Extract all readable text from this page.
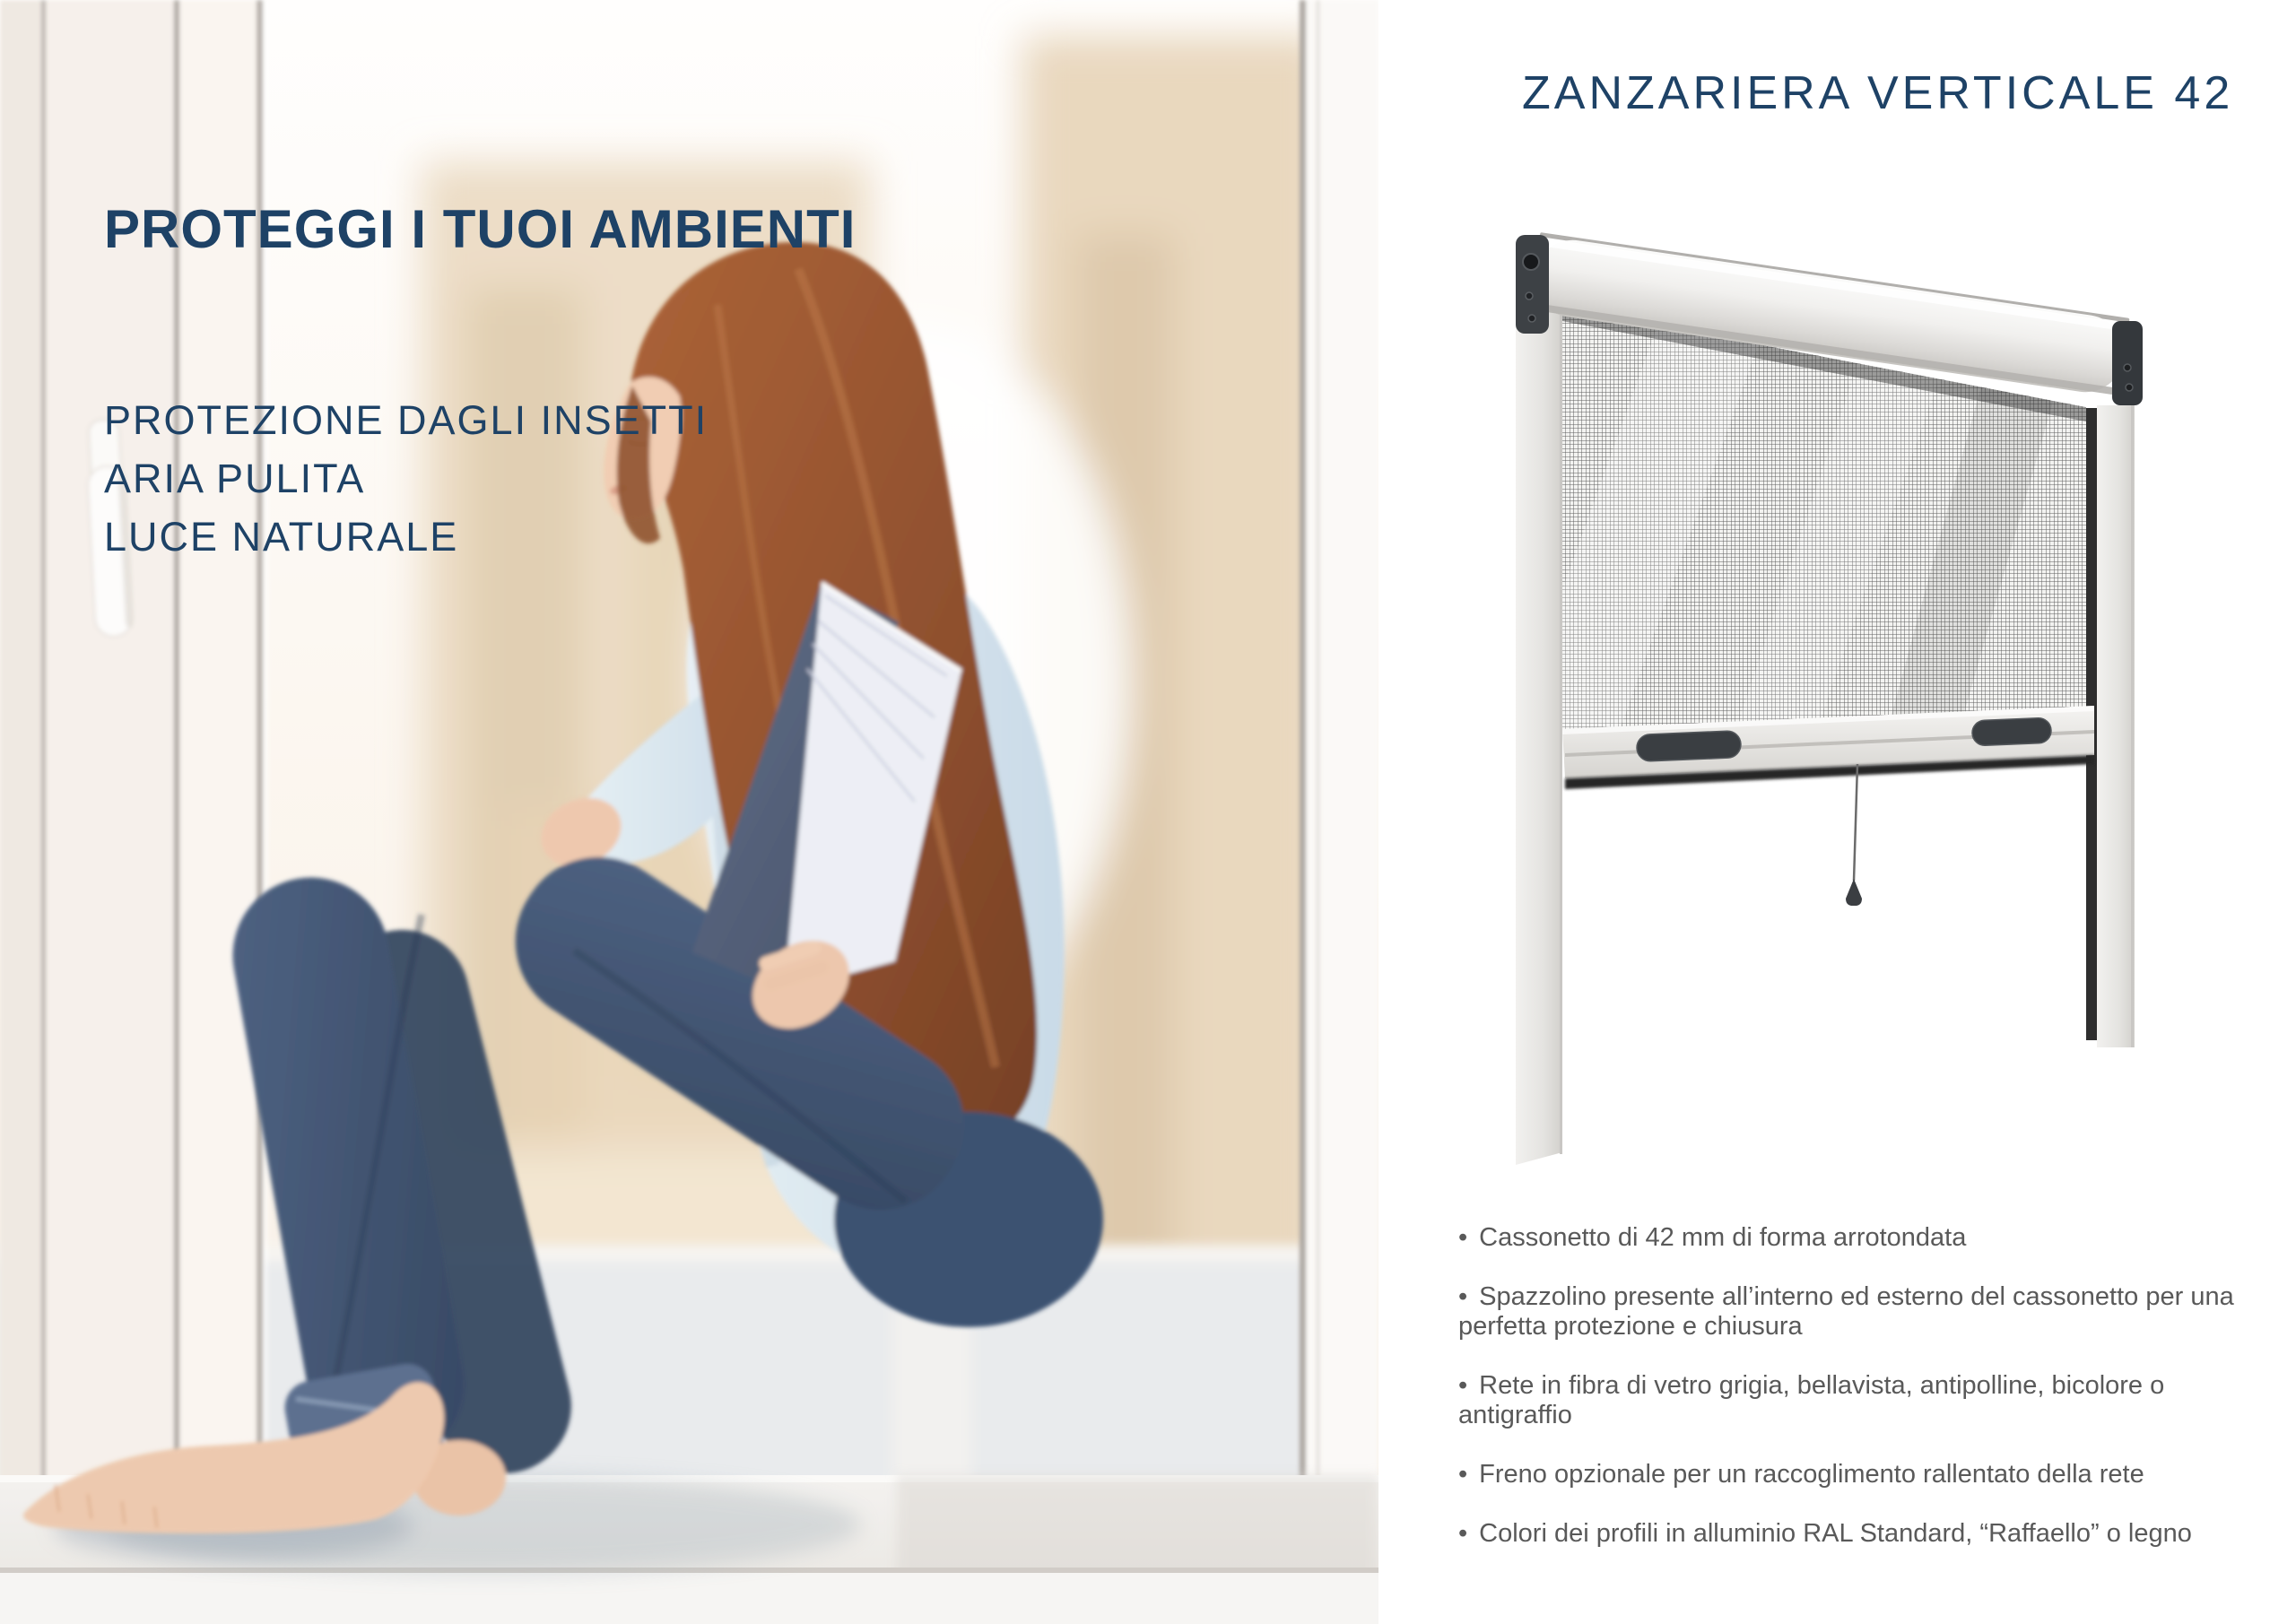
PROTEGGI I TUOI AMBIENTI
PROTEZIONE DAGLI INSETTI
ARIA PULITA
LUCE NATURALE
ZANZARIERA VERTICALE 42
• Cassonetto di 42 mm di forma arrotondata
• Spazzolino presente all’interno ed esterno del cassonetto per una
perfetta protezione e chiusura
• Rete in fibra di vetro grigia, bellavista, antipolline, bicolore o
antigraffio
• Freno opzionale per un raccoglimento rallentato della rete
• Colori dei profili in alluminio RAL Standard, “Raffaello” o legno
